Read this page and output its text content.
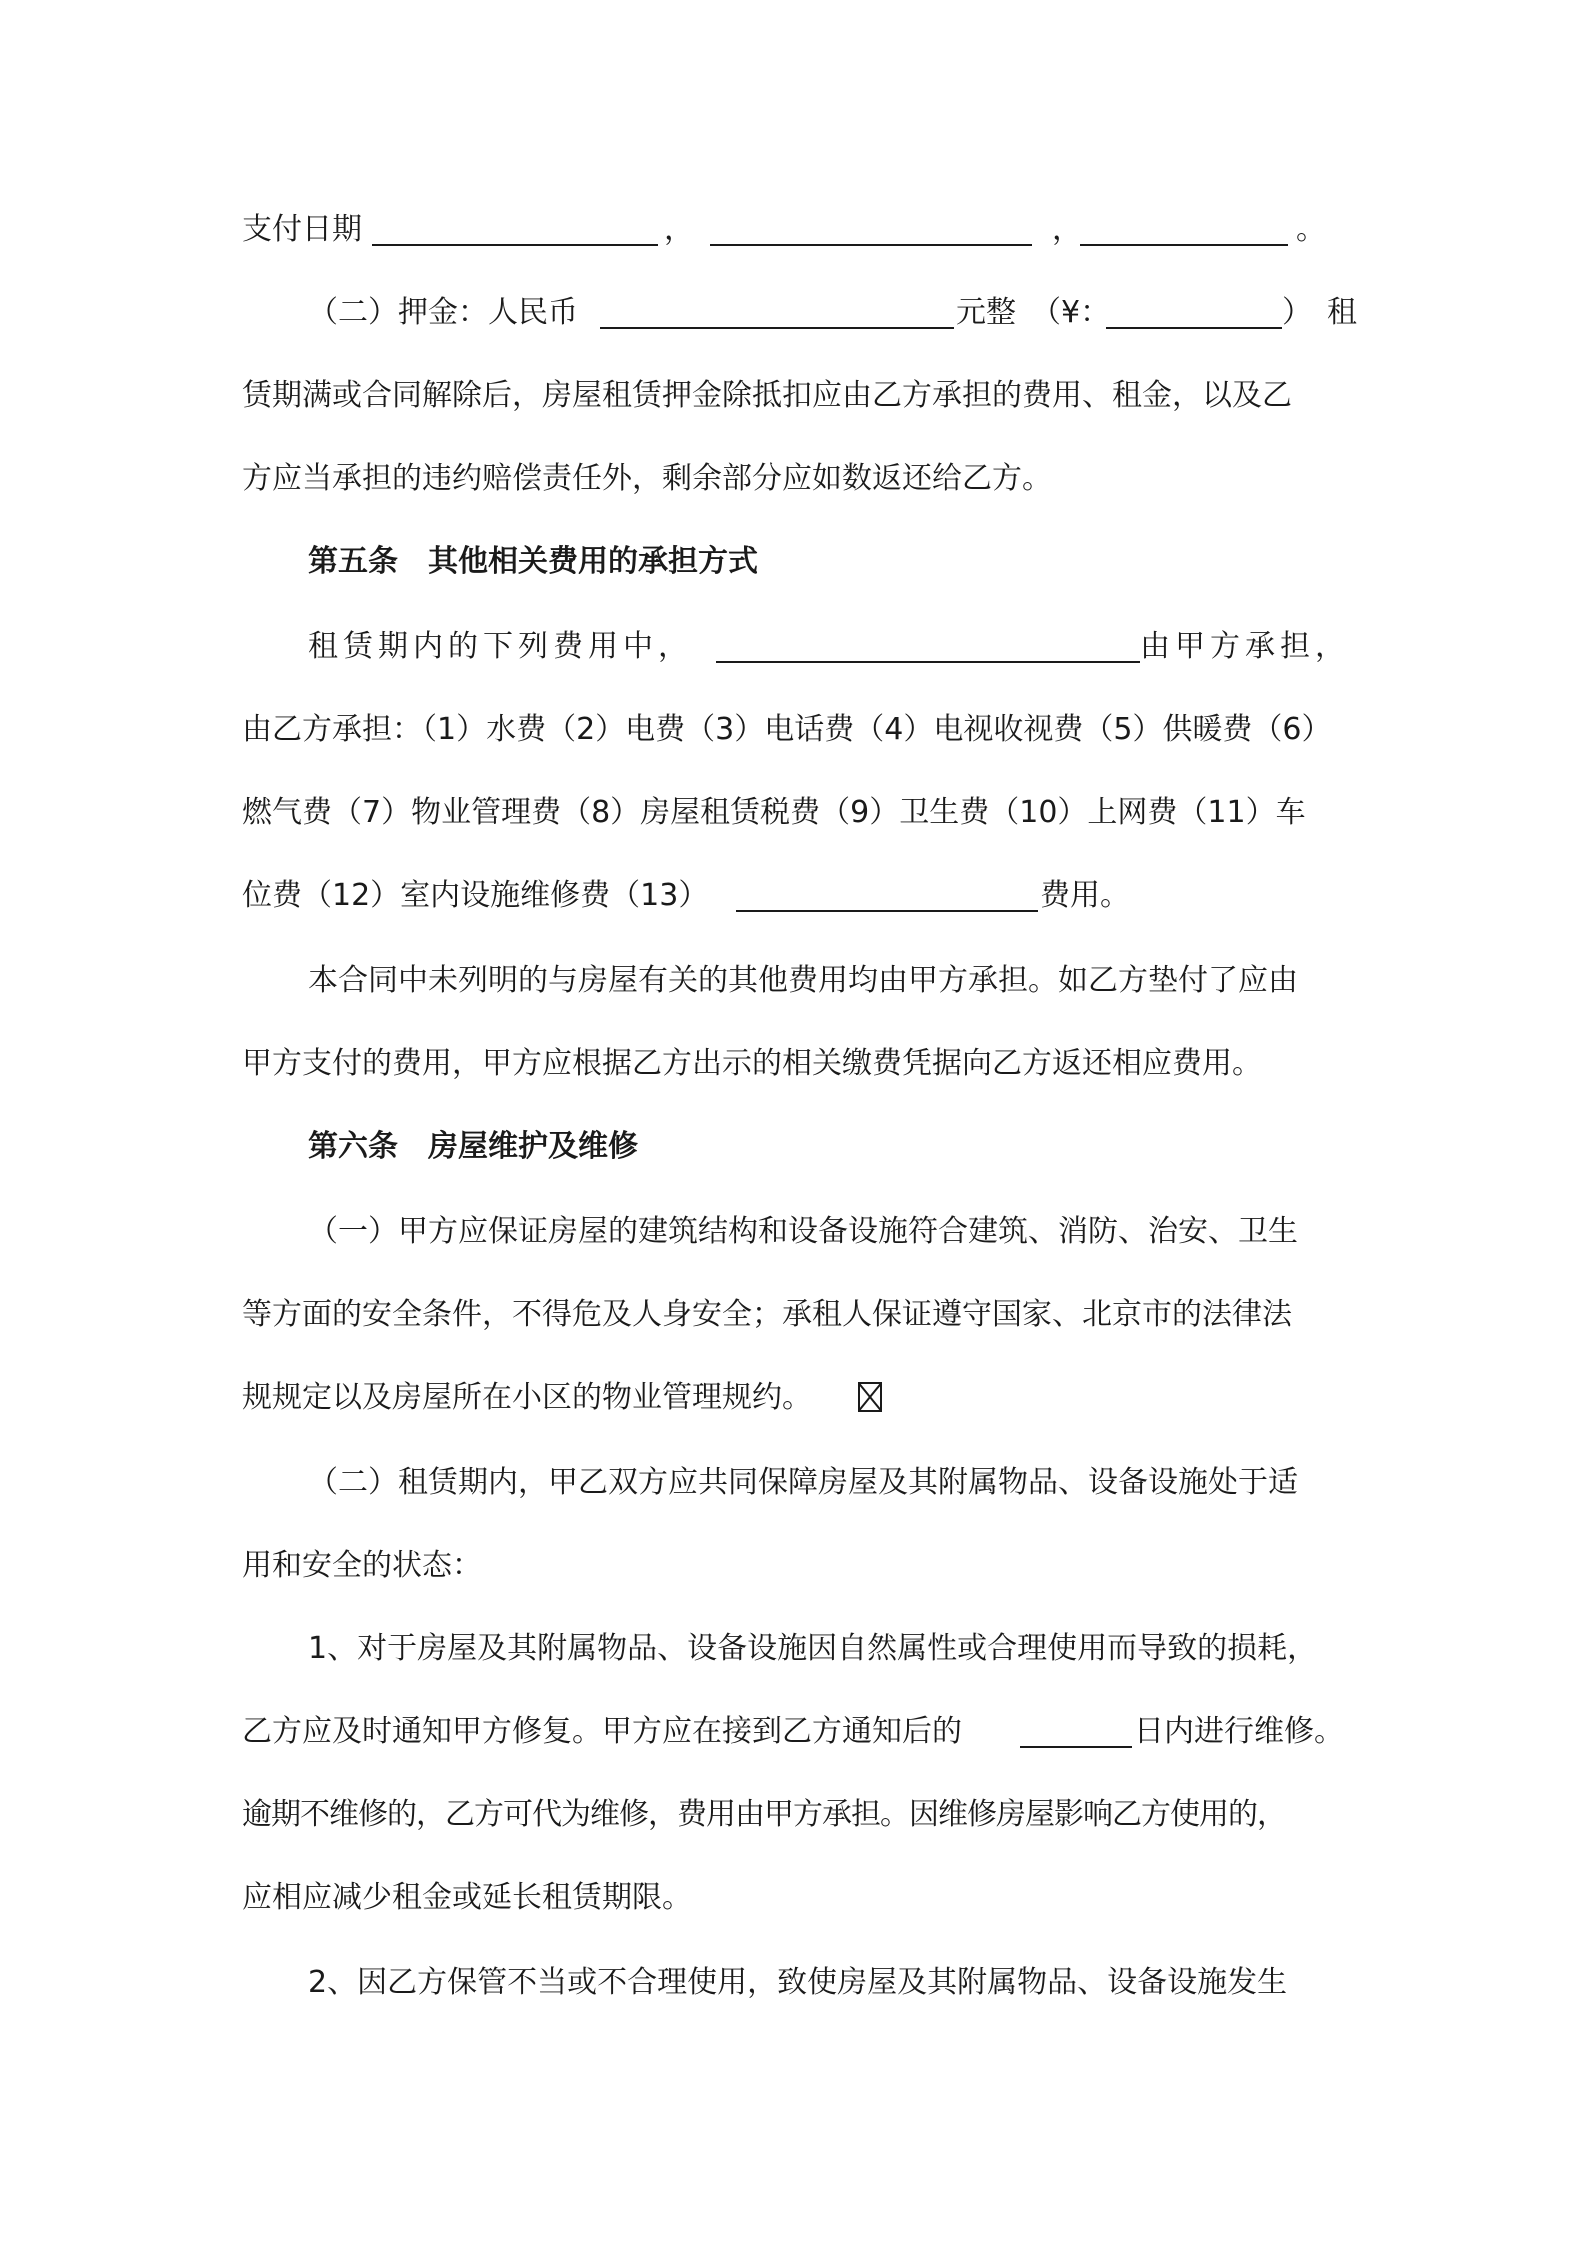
支付日期	，	，	。
（二）押金：人民币	元整　（¥：	）　租
赁期满或合同解除后，房屋租赁押金除抵扣应由乙方承担的费用、租金，以及乙
方应当承担的违约赔偿责任外，剩余部分应如数返还给乙方。
第五条　其他相关费用的承担方式
租赁期内的下列费用中，	由甲方承担，
由乙方承担：（1）水费（2）电费（3）电话费（4）电视收视费（5）供暖费（6）
燃气费（7）物业管理费（8）房屋租赁税费（9）卫生费（10）上网费（11）车
位费（12）室内设施维修费（13）	费用。
本合同中未列明的与房屋有关的其他费用均由甲方承担。如乙方垫付了应由
甲方支付的费用，甲方应根据乙方出示的相关缴费凭据向乙方返还相应费用。
第六条　房屋维护及维修
（一）甲方应保证房屋的建筑结构和设备设施符合建筑、消防、治安、卫生
等方面的安全条件，不得危及人身安全；承租人保证遵守国家、北京市的法律法
规规定以及房屋所在小区的物业管理规约。
（二）租赁期内，甲乙双方应共同保障房屋及其附属物品、设备设施处于适
用和安全的状态：
1、对于房屋及其附属物品、设备设施因自然属性或合理使用而导致的损耗，
乙方应及时通知甲方修复。甲方应在接到乙方通知后的	日内进行维修。
逾期不维修的，乙方可代为维修，费用由甲方承担。因维修房屋影响乙方使用的，
应相应减少租金或延长租赁期限。
2、因乙方保管不当或不合理使用，致使房屋及其附属物品、设备设施发生
